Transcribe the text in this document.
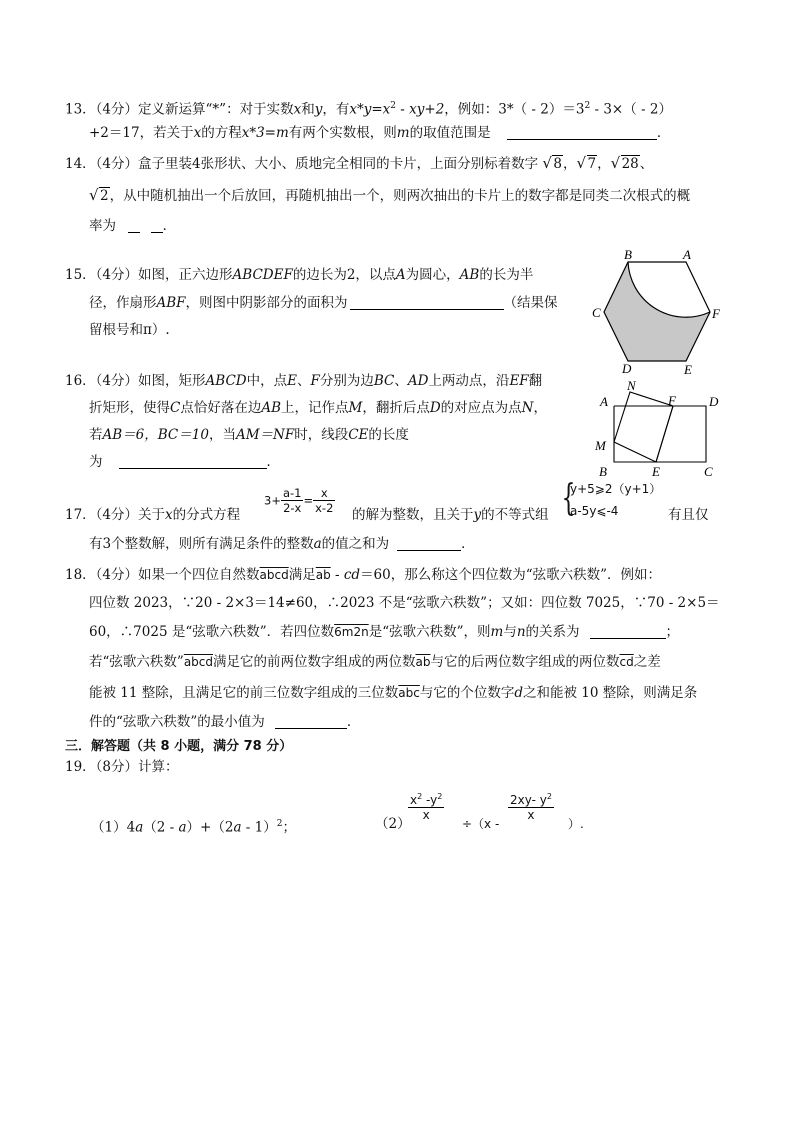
13．（4分）定义新运算“*”：对于实数x和y，有$x*y=x^2 - xy+2$，例如：$3*( - 2)=3^2 - 3\times( - 2)$
+2＝17，若关于x的方程x*3=m有两个实数根，则m的取值范围是	．
14．（4分）盒子里装4张形状、大小、质地完全相同的卡片，上面分别标着数字 √ 8， √ 7， √ 28、
√ 2，从中随机抽出一个后放回，再随机抽出一个，则两次抽出的卡片上的数字都是同类二次根式的概
率为	．
15．（4分）如图，正六边形ABCDEF的边长为2，以点A为圆心，AB的长为半
径，作扇形ABF，则图中阴影部分的面积为	（结果保
留根号和π）.
B	A
C	F
D	E
16．（4分）如图，矩形ABCD中，点E、F分别为边BC、AD上两动点，沿EF翻
折矩形，使得C点恰好落在边AB上，记作点M，翻折后点D的对应点为点N，
若AB＝6，BC＝10，当AM＝NF时，线段CE的长度
为	．
N
A	F	D
M
B	E	C
17．（4分）关于x的分式方程
$3+ \frac{a-1}{2-x} = \frac{x}{x-2}$ 的解为整数，且关于y的不等式组 {
y+5⩾2（y+1）
a-5y⩽-4	有且仅
有3个整数解，则所有满足条件的整数a的值之和为	．
18．（4分）如果一个四位自然数abcd满足$\overline{ab} - cd=60$，那么称这个四位数为“弦歌六秩数”．例如：
四位数 2023，∵20 - 2×3＝14≠60，∴2023 不是“弦歌六秩数”；又如：四位数 7025，∵70 - 2×5＝
60，∴7025 是“弦歌六秩数”．若四位数6m2n是“弦歌六秩数”，则m与n的关系为	；
若“弦歌六秩数”abcd满足它的前两位数字组成的两位数$\overline{ab}$与它的后两位数字组成的两位数$\overline{cd}$之差
能被 11 整除，且满足它的前三位数字组成的三位数$\overline{abc}$与它的个位数字d之和能被 10 整除，则满足条
件的“弦歌六秩数”的最小值为	．
三．解答题（共 8 小题，满分 78 分）
19．（8分）计算：
（1）4a（2 - a）+（2a - 1）$^2$；	（2）
$\frac{x^2 -y^2}{x}$
÷（x -
$\frac{2xy- y^2}{x}$
）.
